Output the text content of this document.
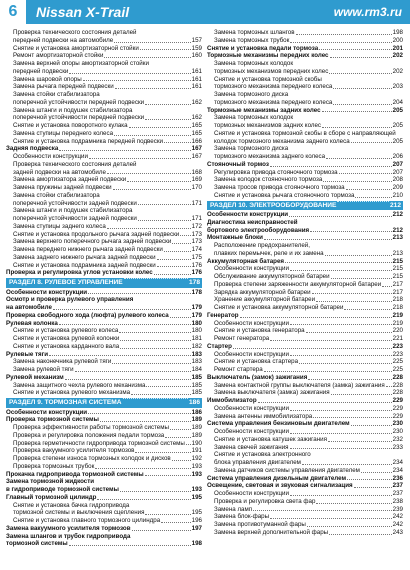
6	Nissan X-Trail	www.rm3.ru
Проверка технического состояния деталей
передней подвески на автомобиле	157
Снятие и установка амортизаторной стойки	159
Ремонт амортизаторной стойки	160
Замена верхней опоры амортизаторной стойки
передней подвески	161
Замена шаровой опоры	161
Замена рычага передней подвески	161
Замена стойки стабилизатора
поперечной устойчивости передней подвески	162
Замена штанги и подушек стабилизатора
поперечной устойчивости передней подвески	162
Снятие и установка поворотного кулака	165
Замена ступицы переднего колеса	165
Снятие и установка подрамника передней подвески	166
Задняя подвеска	167
Особенности конструкции	167
Проверка технического состояния деталей
задней подвески на автомобиле	168
Замена амортизатора задней подвески	169
Замена пружины задней подвески	170
Замена стойки стабилизатора
поперечной устойчивости задней подвески	171
Замена штанги и подушек стабилизатора
поперечной устойчивости задней подвески	171
Замена ступицы заднего колеса	172
Снятие и установка продольного рычага задней подвески 173
Замена верхнего поперечного рычага задней подвески	173
Замена переднего нижнего рычага задней подвески	174
Замена заднего нижнего рычага задней подвески	175
Снятие и установка подрамника задней подвески	176
Проверка и регулировка углов установки колес	176
РАЗДЕЛ 8. РУЛЕВОЕ УПРАВЛЕНИЕ	178
Особенности конструкции	178
Осмотр и проверка рулевого управления
на автомобиле	179
Проверка свободного хода (люфта) рулевого колеса	179
Рулевая колонка	180
Снятие и установка рулевого колеса	180
Снятие и установка рулевой колонки	181
Снятие и установка карданного вала	182
Рулевые тяги	183
Замена наконечника рулевой тяги	183
Замена рулевой тяги	184
Рулевой механизм	185
Замена защитного чехла рулевого механизма	185
Снятие и установка рулевого механизма	185
РАЗДЕЛ 9. ТОРМОЗНАЯ СИСТЕМА	186
Особенности конструкции	186
Проверка тормозной системы	189
Проверка эффективности работы тормозной системы	189
Проверка и регулировка положения педали тормоза	189
Проверка герметичности гидропривода тормозной системы 190
Проверка вакуумного усилителя тормозов	191
Проверка степени износа тормозных колодок и дисков	192
Проверка тормозных трубок	193
Прокачка гидропривода тормозной системы	193
Замена тормозной жидкости
в гидроприводе тормозной системы	193
Главный тормозной цилиндр	195
Снятие и установка бачка гидропривода
тормозной системы и выключения сцепления	195
Снятие и установка главного тормозного цилиндра	196
Замена вакуумного усилителя тормозов	197
Замена шлангов и трубок гидропривода
тормозной системы	198
Замена тормозных шлангов	198
Замена тормозных трубок	200
Снятие и установка педали тормоза	201
Тормозные механизмы передних колес	202
Замена тормозных колодок
тормозных механизмов передних колес	202
Снятие и установка тормозной скобы
тормозного механизма переднего колеса	203
Замена тормозного диска
тормозного механизма переднего колеса	204
Тормозные механизмы задних колес	205
Замена тормозных колодок
тормозных механизмов задних колес	205
Снятие и установка тормозной скобы в сборе с направляющей
колодок тормозного механизма заднего колеса	205
Замена тормозного диска
тормозного механизма заднего колеса	206
Стояночный тормоз	207
Регулировка привода стояночного тормоза	207
Замена колодок стояночного тормоза	208
Замена тросов привода стояночного тормоза	209
Снятие и установка рычага стояночного тормоза	210
РАЗДЕЛ 10. ЭЛЕКТРООБОРУДОВАНИЕ	212
Особенности конструкции	212
Диагностика неисправностей
бортового электрооборудования	212
Монтажные блоки	213
Расположение предохранителей,
плавких перемычек, реле и их замена	213
Аккумуляторная батарея	215
Особенности конструкции	215
Обслуживание аккумуляторной батареи	215
Проверка степени заряженности аккумуляторной батареи 217
Зарядка аккумуляторной батареи	217
Хранение аккумуляторной батареи	218
Снятие и установка аккумуляторной батареи	218
Генератор	219
Особенности конструкции	219
Снятие и установка генератора	220
Ремонт генератора	221
Стартер	223
Особенности конструкции	223
Снятие и установка стартера	225
Ремонт стартера	225
Выключатель (замок) зажигания	228
Замена контактной группы выключателя (замка) зажигания 228
Замена выключателя (замка) зажигания	228
Иммобилизатор	229
Особенности конструкции	229
Замена антенны иммобилизатора	229
Система управления бензиновым двигателем	230
Особенности конструкции	230
Снятие и установка катушек зажигания	232
Замена свечей зажигания	233
Снятие и установка электронного
блока управления двигателем	234
Замена датчиков системы управления двигателем	234
Система управления дизельным двигателем	236
Освещение, световая и звуковая сигнализация	237
Особенности конструкции	237
Проверка и регулировка света фар	238
Замена ламп	239
Замена блок-фары	242
Замена противотуманной фары	242
Замена верхней дополнительной фары	243
